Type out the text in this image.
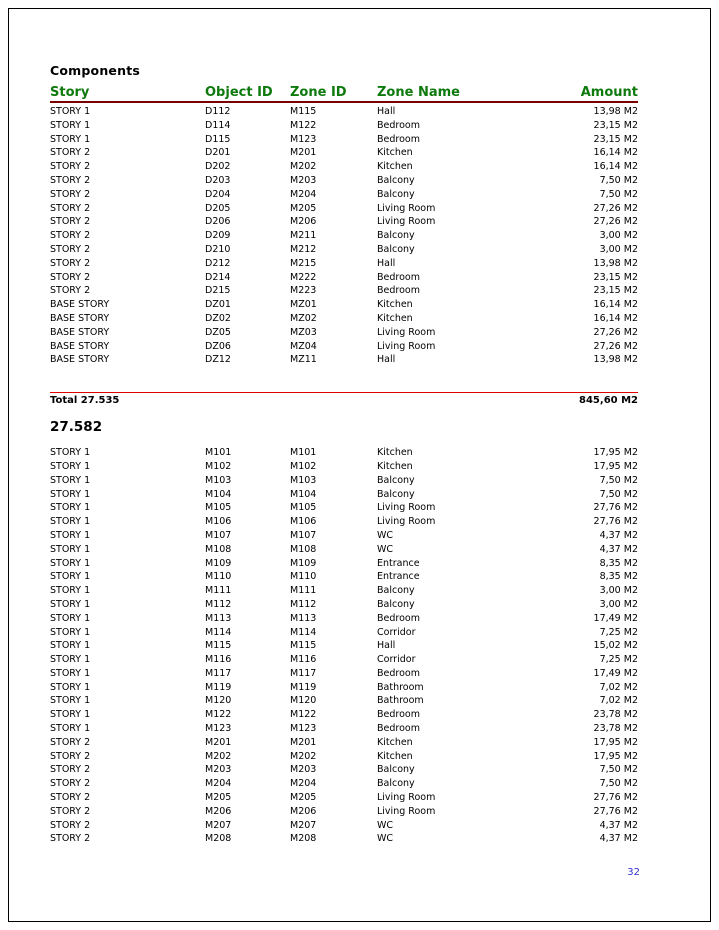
Components
Story	Object ID	Zone ID	Zone Name	Amount
STORY 1	D112	M115	Hall	13,98 M2
STORY 1	D114	M122	Bedroom	23,15 M2
STORY 1	D115	M123	Bedroom	23,15 M2
STORY 2	D201	M201	Kitchen	16,14 M2
STORY 2	D202	M202	Kitchen	16,14 M2
STORY 2	D203	M203	Balcony	7,50 M2
STORY 2	D204	M204	Balcony	7,50 M2
STORY 2	D205	M205	Living Room	27,26 M2
STORY 2	D206	M206	Living Room	27,26 M2
STORY 2	D209	M211	Balcony	3,00 M2
STORY 2	D210	M212	Balcony	3,00 M2
STORY 2	D212	M215	Hall	13,98 M2
STORY 2	D214	M222	Bedroom	23,15 M2
STORY 2	D215	M223	Bedroom	23,15 M2
BASE STORY	DZ01	MZ01	Kitchen	16,14 M2
BASE STORY	DZ02	MZ02	Kitchen	16,14 M2
BASE STORY	DZ05	MZ03	Living Room	27,26 M2
BASE STORY	DZ06	MZ04	Living Room	27,26 M2
BASE STORY	DZ12	MZ11	Hall	13,98 M2
Total 27.535	845,60 M2
27.582
STORY 1	M101	M101	Kitchen	17,95 M2
STORY 1	M102	M102	Kitchen	17,95 M2
STORY 1	M103	M103	Balcony	7,50 M2
STORY 1	M104	M104	Balcony	7,50 M2
STORY 1	M105	M105	Living Room	27,76 M2
STORY 1	M106	M106	Living Room	27,76 M2
STORY 1	M107	M107	WC	4,37 M2
STORY 1	M108	M108	WC	4,37 M2
STORY 1	M109	M109	Entrance	8,35 M2
STORY 1	M110	M110	Entrance	8,35 M2
STORY 1	M111	M111	Balcony	3,00 M2
STORY 1	M112	M112	Balcony	3,00 M2
STORY 1	M113	M113	Bedroom	17,49 M2
STORY 1	M114	M114	Corridor	7,25 M2
STORY 1	M115	M115	Hall	15,02 M2
STORY 1	M116	M116	Corridor	7,25 M2
STORY 1	M117	M117	Bedroom	17,49 M2
STORY 1	M119	M119	Bathroom	7,02 M2
STORY 1	M120	M120	Bathroom	7,02 M2
STORY 1	M122	M122	Bedroom	23,78 M2
STORY 1	M123	M123	Bedroom	23,78 M2
STORY 2	M201	M201	Kitchen	17,95 M2
STORY 2	M202	M202	Kitchen	17,95 M2
STORY 2	M203	M203	Balcony	7,50 M2
STORY 2	M204	M204	Balcony	7,50 M2
STORY 2	M205	M205	Living Room	27,76 M2
STORY 2	M206	M206	Living Room	27,76 M2
STORY 2	M207	M207	WC	4,37 M2
STORY 2	M208	M208	WC	4,37 M2
32
